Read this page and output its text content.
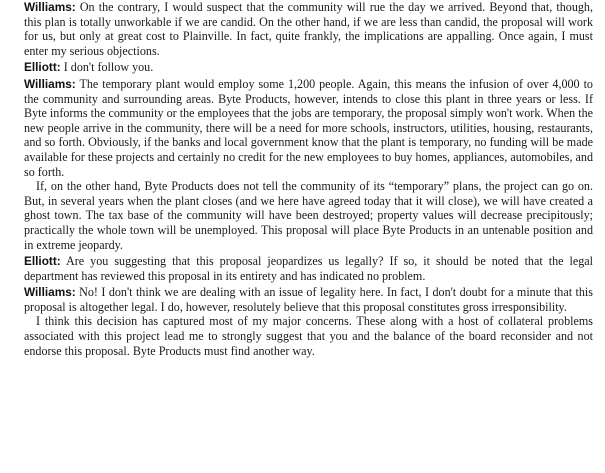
Williams: On the contrary, I would suspect that the community will rue the day we arrived. Beyond that, though, this plan is totally unworkable if we are candid. On the other hand, if we are less than candid, the proposal will work for us, but only at great cost to Plainville. In fact, quite frankly, the implications are appalling. Once again, I must enter my serious objections.

Elliott: I don't follow you.

Williams: The temporary plant would employ some 1,200 people. Again, this means the infusion of over 4,000 to the community and surrounding areas. Byte Products, however, intends to close this plant in three years or less. If Byte informs the community or the employees that the jobs are temporary, the proposal simply won't work. When the new people arrive in the community, there will be a need for more schools, instructors, utilities, housing, restaurants, and so forth. Obviously, if the banks and local government know that the plant is temporary, no funding will be made available for these projects and certainly no credit for the new employees to buy homes, appliances, automobiles, and so forth.

If, on the other hand, Byte Products does not tell the community of its “temporary” plans, the project can go on. But, in several years when the plant closes (and we here have agreed today that it will close), we will have created a ghost town. The tax base of the community will have been destroyed; property values will decrease precipitously; practically the whole town will be unemployed. This proposal will place Byte Products in an untenable position and in extreme jeopardy.

Elliott: Are you suggesting that this proposal jeopardizes us legally? If so, it should be noted that the legal department has reviewed this proposal in its entirety and has indicated no problem.

Williams: No! I don't think we are dealing with an issue of legality here. In fact, I don't doubt for a minute that this proposal is altogether legal. I do, however, resolutely believe that this proposal constitutes gross irresponsibility.

I think this decision has captured most of my major concerns. These along with a host of collateral problems associated with this project lead me to strongly suggest that you and the balance of the board reconsider and not endorse this proposal. Byte Products must find another way.
